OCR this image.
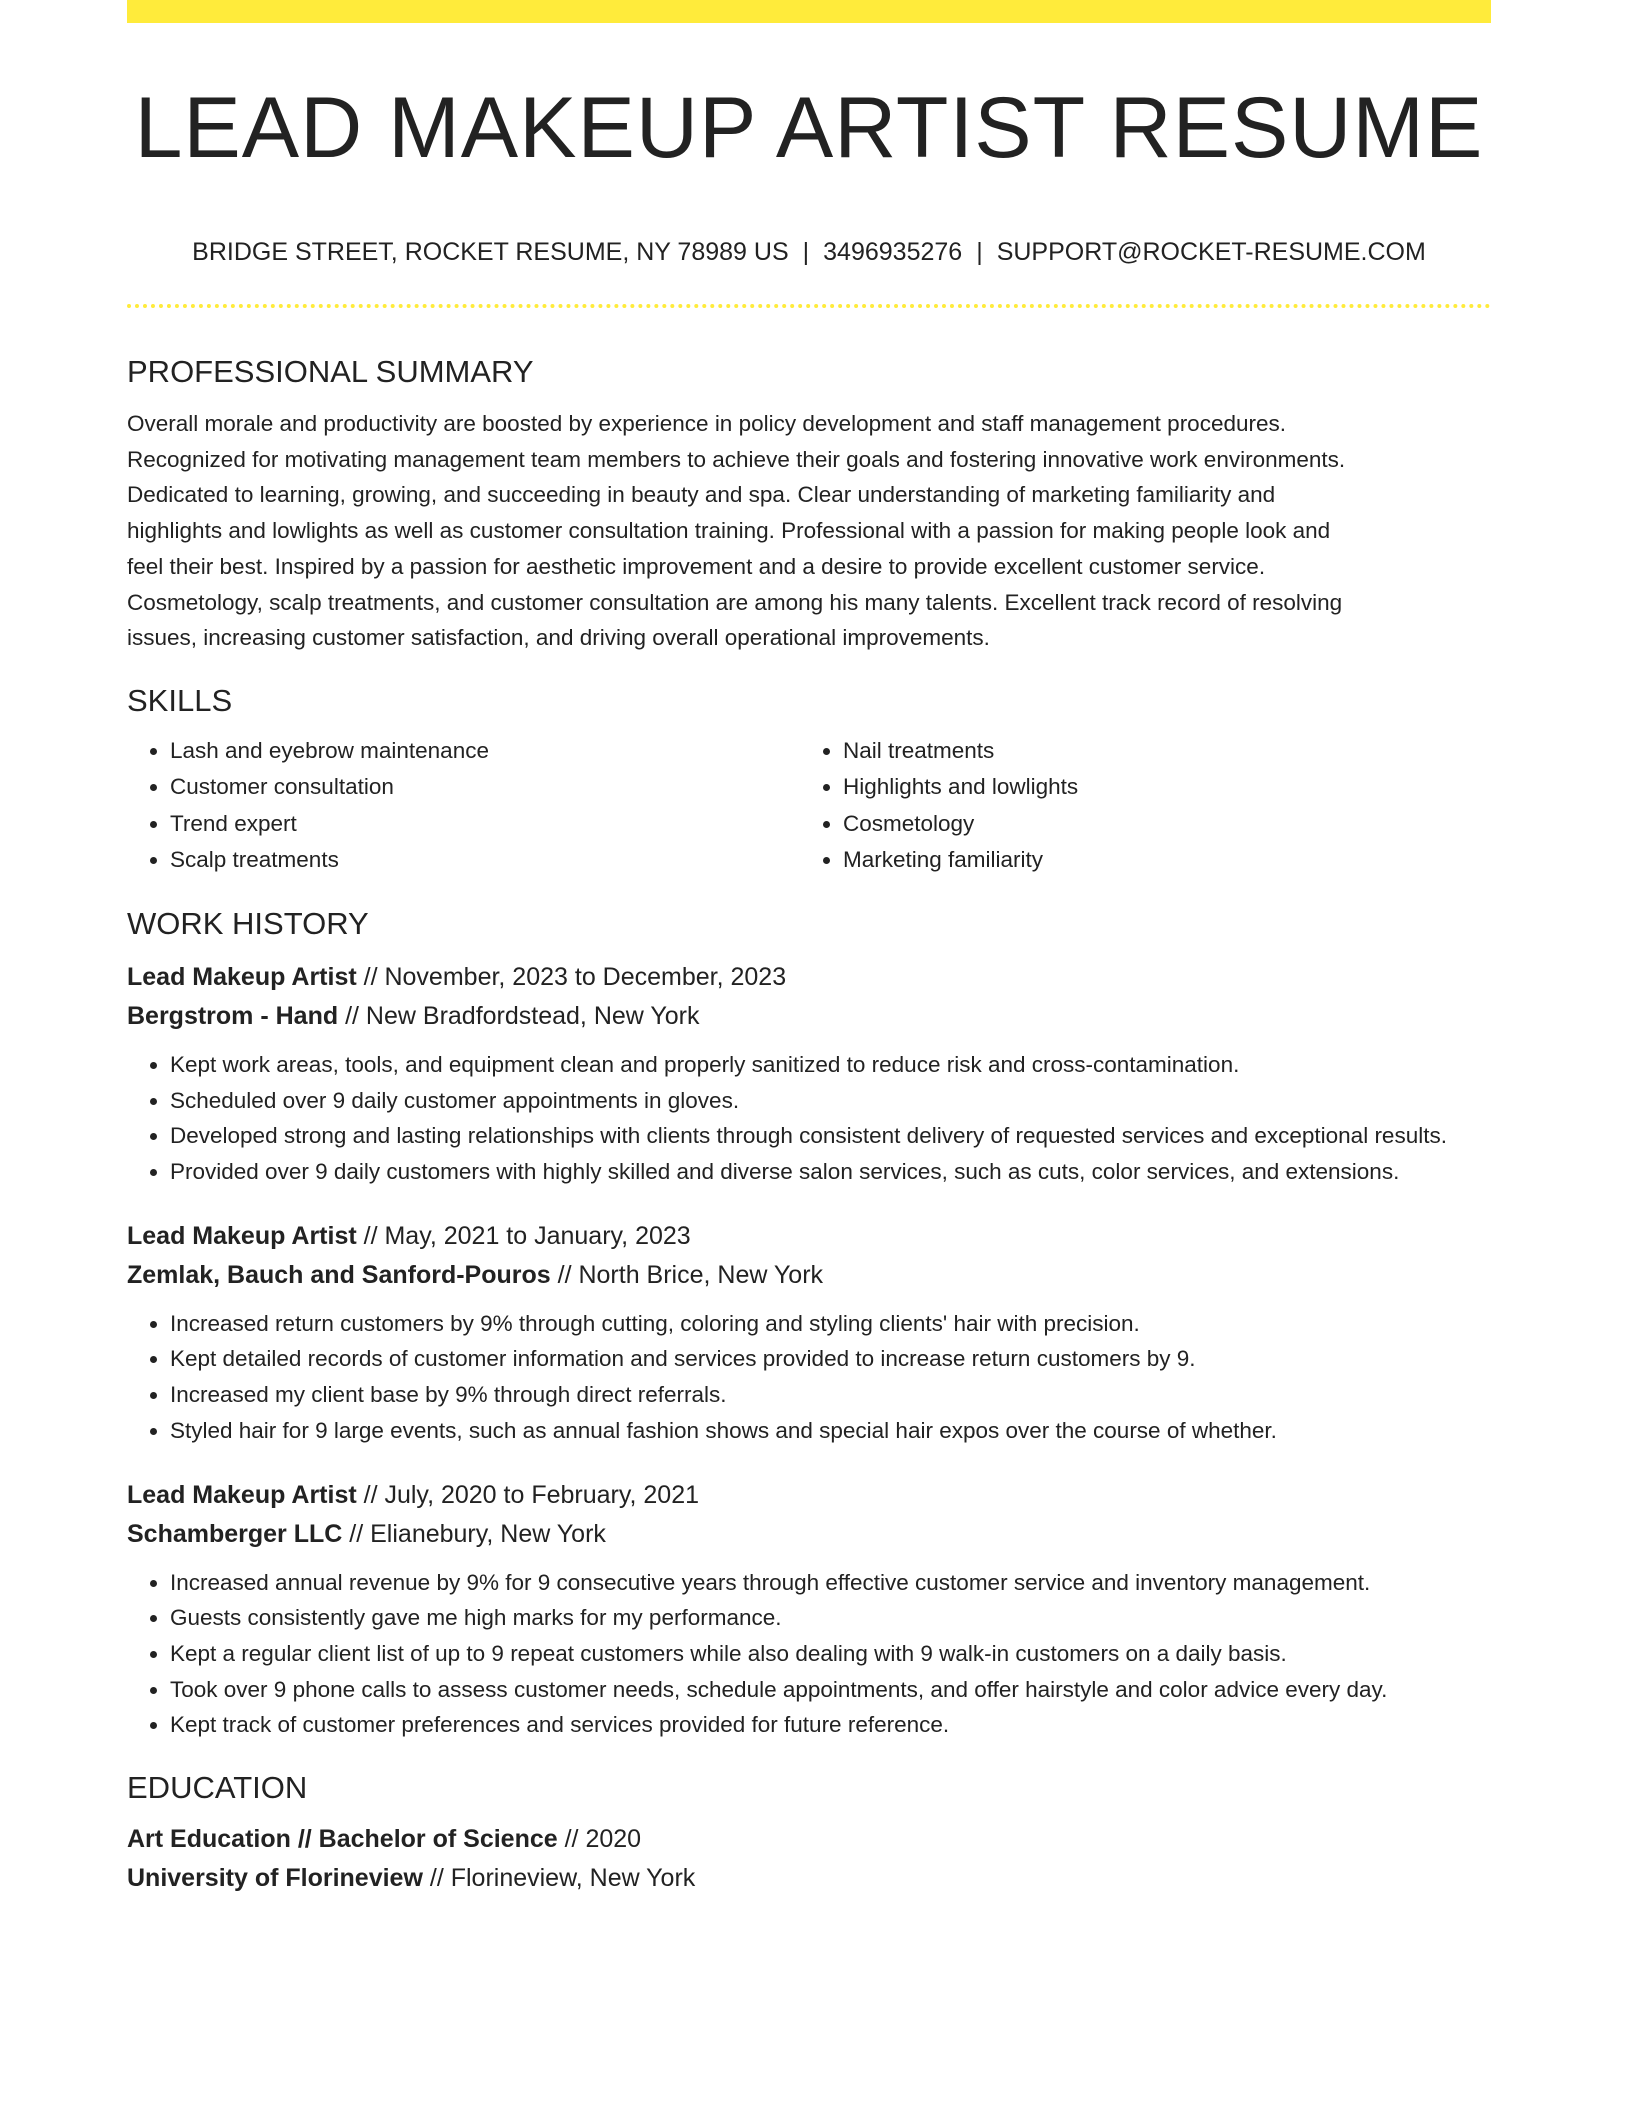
LEAD MAKEUP ARTIST RESUME
BRIDGE STREET, ROCKET RESUME, NY 78989 US | 3496935276 | SUPPORT@ROCKET-RESUME.COM
PROFESSIONAL SUMMARY
Overall morale and productivity are boosted by experience in policy development and staff management procedures.
Recognized for motivating management team members to achieve their goals and fostering innovative work environments.
Dedicated to learning, growing, and succeeding in beauty and spa. Clear understanding of marketing familiarity and
highlights and lowlights as well as customer consultation training. Professional with a passion for making people look and
feel their best. Inspired by a passion for aesthetic improvement and a desire to provide excellent customer service.
Cosmetology, scalp treatments, and customer consultation are among his many talents. Excellent track record of resolving
issues, increasing customer satisfaction, and driving overall operational improvements.
SKILLS
• Lash and eyebrow maintenance
• Customer consultation
• Trend expert
• Scalp treatments
• Nail treatments
• Highlights and lowlights
• Cosmetology
• Marketing familiarity
WORK HISTORY
Lead Makeup Artist // November, 2023 to December, 2023
Bergstrom - Hand // New Bradfordstead, New York
• Kept work areas, tools, and equipment clean and properly sanitized to reduce risk and cross-contamination.
• Scheduled over 9 daily customer appointments in gloves.
• Developed strong and lasting relationships with clients through consistent delivery of requested services and exceptional results.
• Provided over 9 daily customers with highly skilled and diverse salon services, such as cuts, color services, and extensions.
Lead Makeup Artist // May, 2021 to January, 2023
Zemlak, Bauch and Sanford-Pouros // North Brice, New York
• Increased return customers by 9% through cutting, coloring and styling clients' hair with precision.
• Kept detailed records of customer information and services provided to increase return customers by 9.
• Increased my client base by 9% through direct referrals.
• Styled hair for 9 large events, such as annual fashion shows and special hair expos over the course of whether.
Lead Makeup Artist // July, 2020 to February, 2021
Schamberger LLC // Elianebury, New York
• Increased annual revenue by 9% for 9 consecutive years through effective customer service and inventory management.
• Guests consistently gave me high marks for my performance.
• Kept a regular client list of up to 9 repeat customers while also dealing with 9 walk-in customers on a daily basis.
• Took over 9 phone calls to assess customer needs, schedule appointments, and offer hairstyle and color advice every day.
• Kept track of customer preferences and services provided for future reference.
EDUCATION
Art Education // Bachelor of Science // 2020
University of Florineview // Florineview, New York
